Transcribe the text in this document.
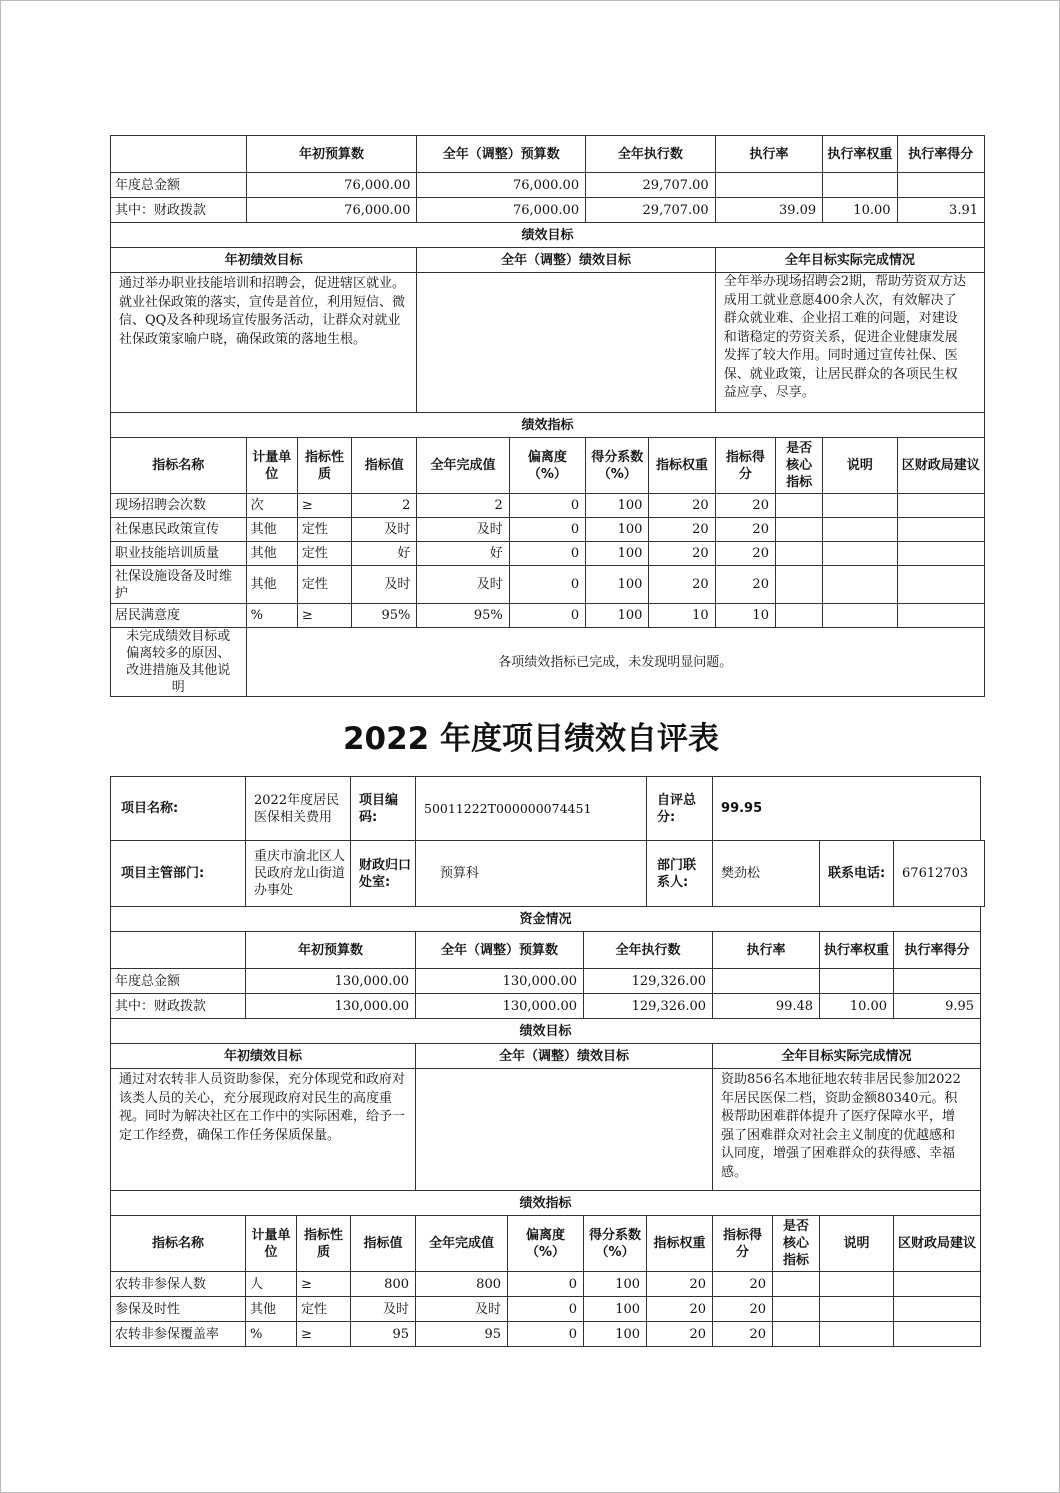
	年初预算数			全年（调整）预算数		全年执行数		执行率		执行率权重	执行率得分
年度总金额	76,000.00			76,000.00		29,707.00					
其中：财政拨款	76,000.00			76,000.00		29,707.00		39.09		10.00	3.91
绩效目标											
年初绩效目标				全年（调整）绩效目标				全年目标实际完成情况			
通过举办职业技能培训和招聘会，促进辖区就业。就业社保政策的落实，宣传是首位，利用短信、微信、QQ及各种现场宣传服务活动，让群众对就业社保政策家喻户晓，确保政策的落地生根。								全年举办现场招聘会2期，帮助劳资双方达成用工就业意愿400余人次，有效解决了群众就业难、企业招工难的问题，对建设和谐稳定的劳资关系，促进企业健康发展发挥了较大作用。同时通过宣传社保、医保、就业政策，让居民群众的各项民生权益应享、尽享。			
绩效指标											
指标名称	计量单位	指标性质	指标值	全年完成值	偏离度（%）	得分系数（%）	指标权重	指标得分	是否核心指标	说明	区财政局建议
现场招聘会次数	次	≥	2	2	0	100	20	20			
社保惠民政策宣传	其他	定性	及时	及时	0	100	20	20			
职业技能培训质量	其他	定性	好	好	0	100	20	20			
社保设施设备及时维护	其他	定性	及时	及时	0	100	20	20			
居民满意度	%	≥	95%	95%	0	100	10	10			
未完成绩效目标或偏离较多的原因、改进措施及其他说明	各项绩效指标已完成，未发现明显问题。										
2022 年度项目绩效自评表
项目名称:	2022年度居民医保相关费用		项目编码:	50011222T000000074451			自评总分:	99.95			
项目主管部门:	重庆市渝北区人民政府龙山街道办事处		财政归口处室:	预算科			部门联系人:	樊劲松		联系电话:	67612703
资金情况											
	年初预算数			全年（调整）预算数		全年执行数		执行率		执行率权重	执行率得分
年度总金额	130,000.00			130,000.00		129,326.00					
其中：财政拨款	130,000.00			130,000.00		129,326.00		99.48		10.00	9.95
绩效目标											
年初绩效目标				全年（调整）绩效目标				全年目标实际完成情况			
通过对农转非人员资助参保，充分体现党和政府对该类人员的关心，充分展现政府对民生的高度重视。同时为解决社区在工作中的实际困难，给予一定工作经费，确保工作任务保质保量。								资助856名本地征地农转非居民参加2022年居民医保二档，资助金额80340元。积极帮助困难群体提升了医疗保障水平，增强了困难群众对社会主义制度的优越感和认同度，增强了困难群众的获得感、幸福感。			
绩效指标											
指标名称	计量单位	指标性质	指标值	全年完成值	偏离度（%）	得分系数（%）	指标权重	指标得分	是否核心指标	说明	区财政局建议
农转非参保人数	人	≥	800	800	0	100	20	20			
参保及时性	其他	定性	及时	及时	0	100	20	20			
农转非参保覆盖率	%	≥	95	95	0	100	20	20			
